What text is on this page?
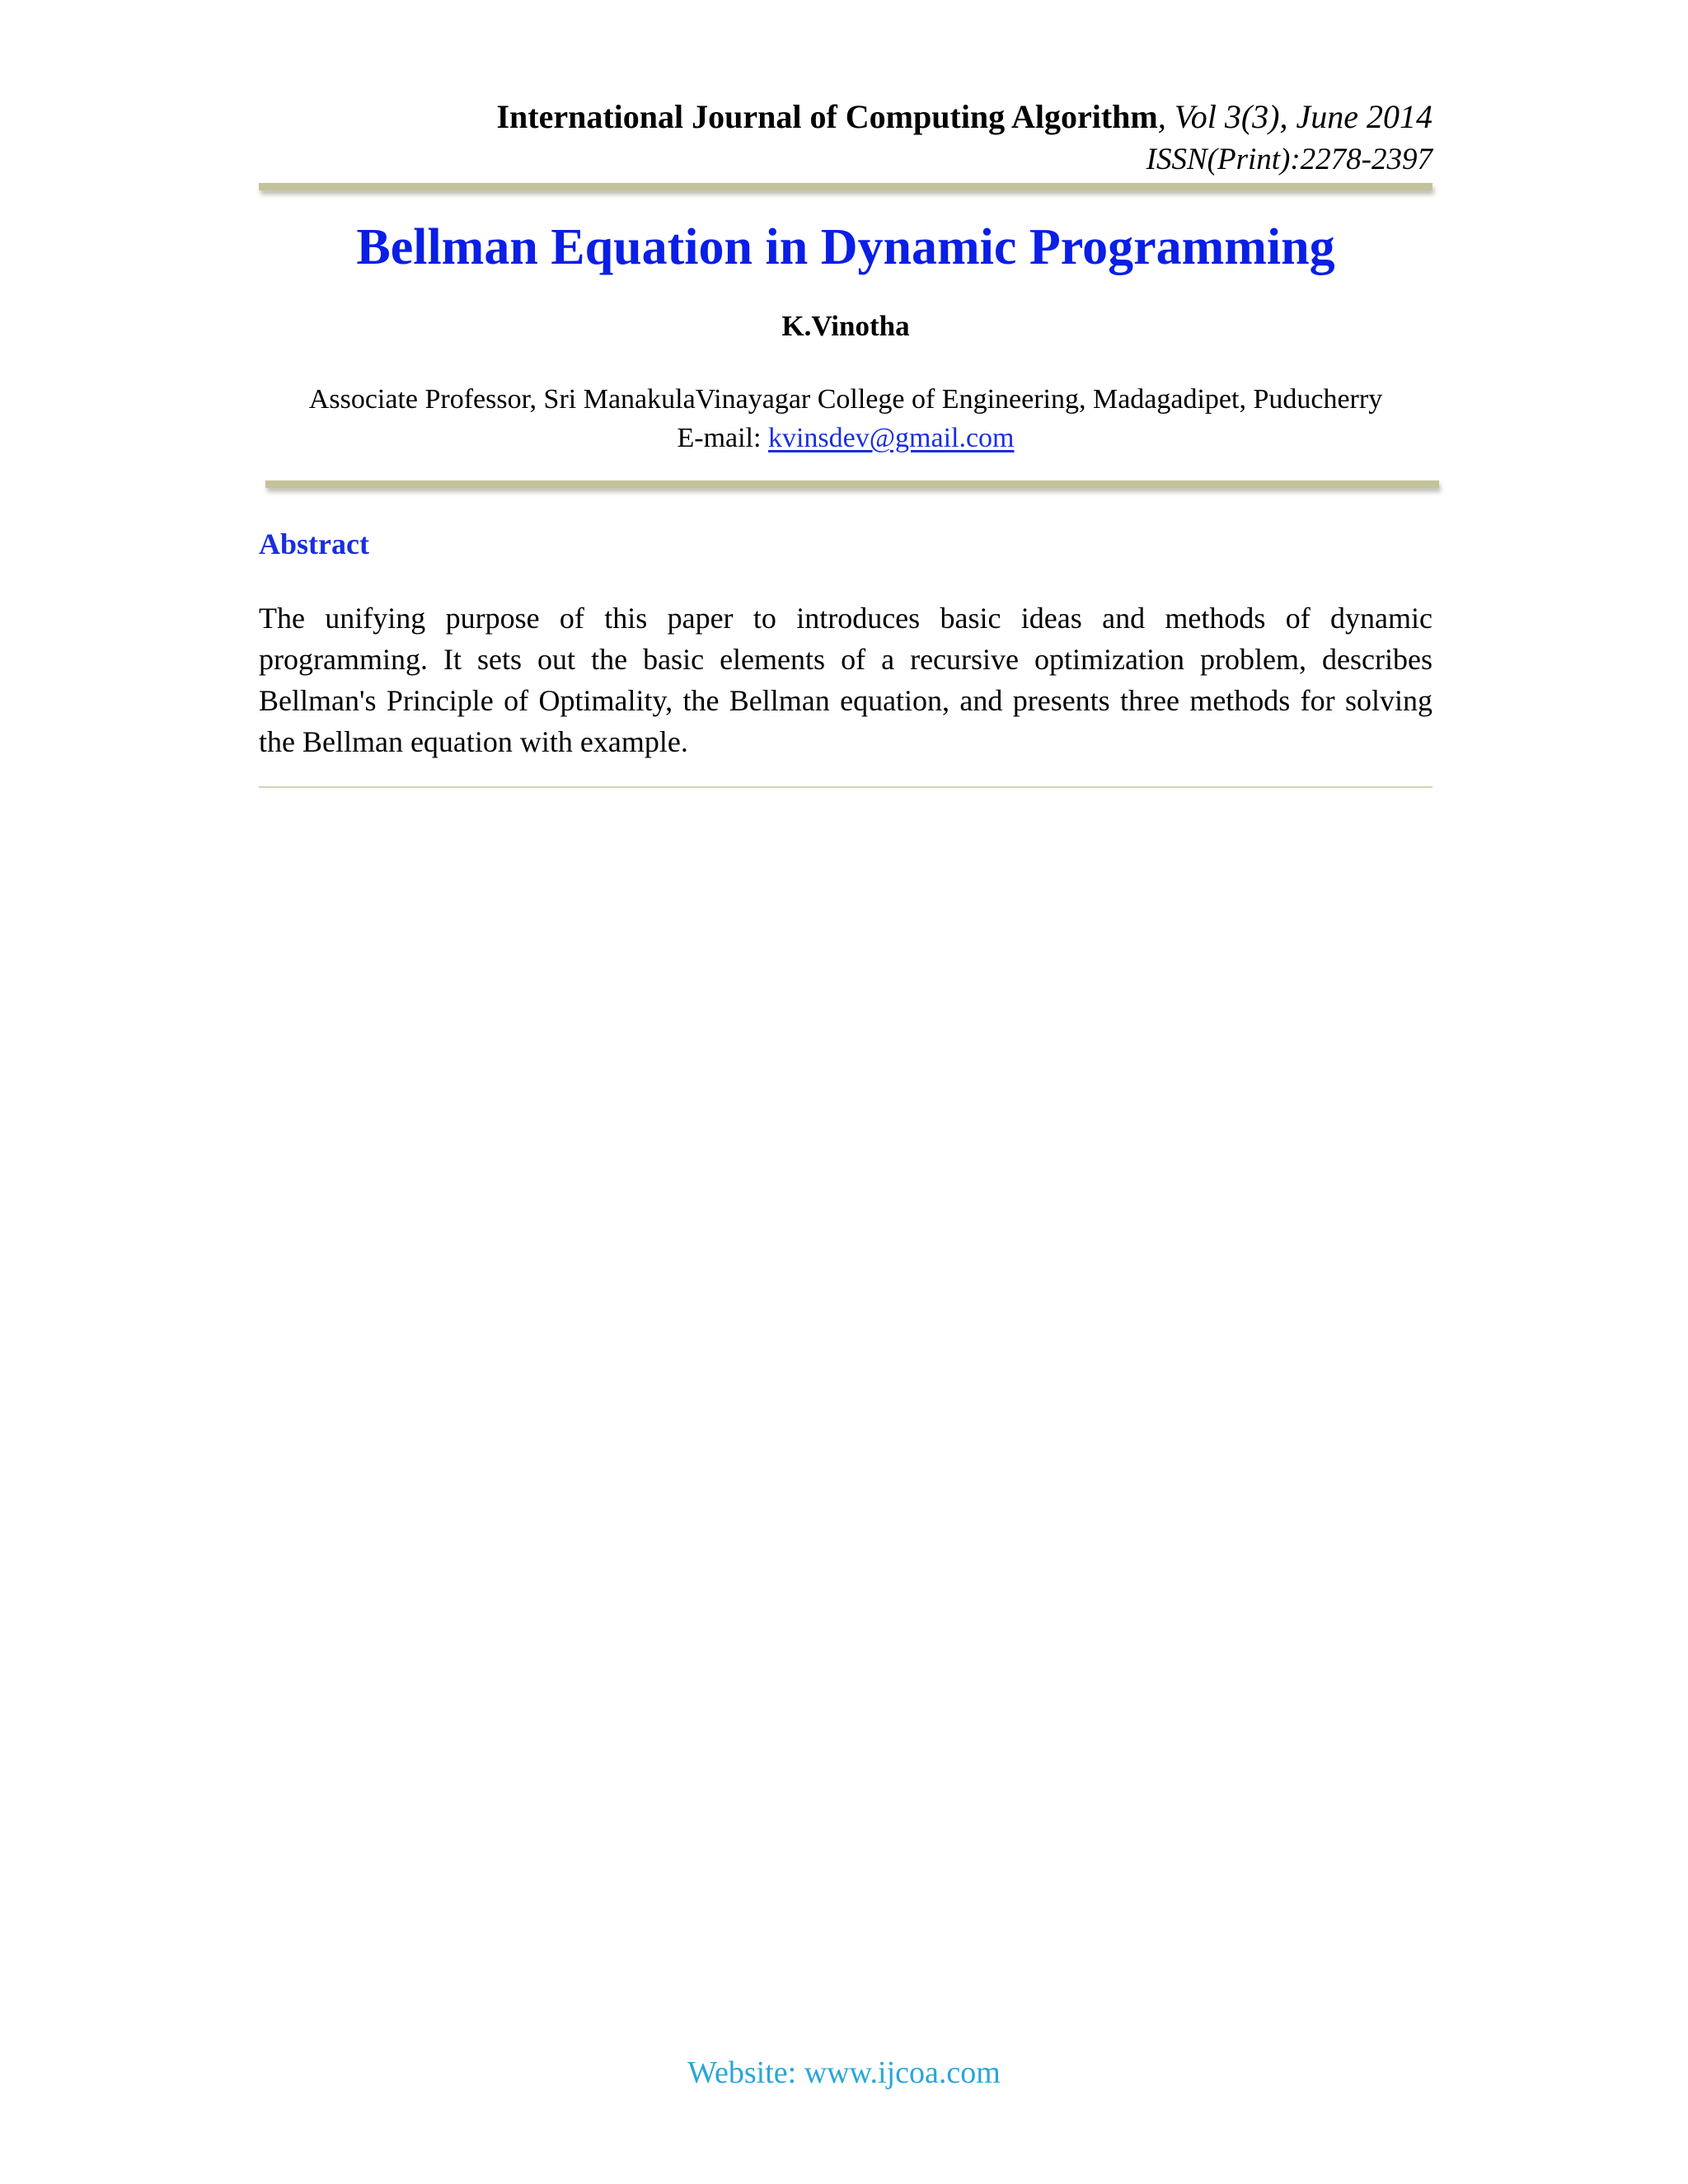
International Journal of Computing Algorithm, Vol 3(3), June 2014
ISSN(Print):2278-2397
Bellman Equation in Dynamic Programming
K.Vinotha
Associate Professor, Sri ManakulaVinayagar College of Engineering, Madagadipet, Puducherry
E-mail: kvinsdev@gmail.com
Abstract
The unifying purpose of this paper to introduces basic ideas and methods of dynamic programming. It sets out the basic elements of a recursive optimization problem, describes Bellman's Principle of Optimality, the Bellman equation, and presents three methods for solving the Bellman equation with example.
Website: www.ijcoa.com
